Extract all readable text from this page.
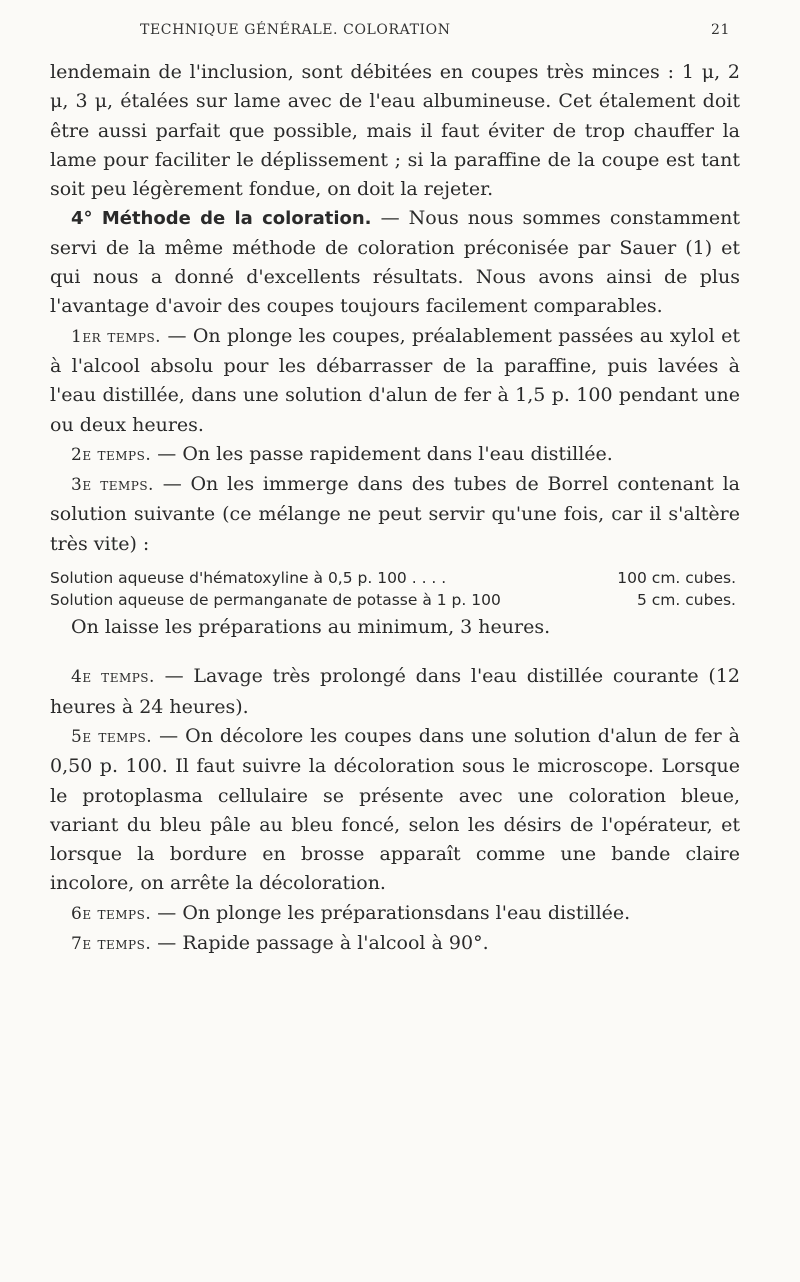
TECHNIQUE GÉNÉRALE. COLORATION	21

lendemain de l'inclusion, sont débitées en coupes très minces : 1 μ, 2 μ, 3 μ, étalées sur lame avec de l'eau albumineuse. Cet étalement doit être aussi parfait que possible, mais il faut éviter de trop chauffer la lame pour faciliter le déplissement ; si la paraffine de la coupe est tant soit peu légèrement fondue, on doit la rejeter.

4° Méthode de la coloration. — Nous nous sommes constamment servi de la même méthode de coloration préconisée par Sauer (1) et qui nous a donné d'excellents résultats. Nous avons ainsi de plus l'avantage d'avoir des coupes toujours facilement comparables.

1er temps. — On plonge les coupes, préalablement passées au xylol et à l'alcool absolu pour les débarrasser de la paraffine, puis lavées à l'eau distillée, dans une solution d'alun de fer à 1,5 p. 100 pendant une ou deux heures.

2e temps. — On les passe rapidement dans l'eau distillée.

3e temps. — On les immerge dans des tubes de Borrel contenant la solution suivante (ce mélange ne peut servir qu'une fois, car il s'altère très vite) :

Solution aqueuse d'hématoxyline à 0,5 p. 100 . . . .	100 cm. cubes.
Solution aqueuse de permanganate de potasse à 1 p. 100	5 cm. cubes.

On laisse les préparations au minimum, 3 heures.

4e temps. — Lavage très prolongé dans l'eau distillée courante (12 heures à 24 heures).

5e temps. — On décolore les coupes dans une solution d'alun de fer à 0,50 p. 100. Il faut suivre la décoloration sous le microscope. Lorsque le protoplasma cellulaire se présente avec une coloration bleue, variant du bleu pâle au bleu foncé, selon les désirs de l'opérateur, et lorsque la bordure en brosse apparaît comme une bande claire incolore, on arrête la décoloration.

6e temps. — On plonge les préparationsdans l'eau distillée.

7e temps. — Rapide passage à l'alcool à 90°.
